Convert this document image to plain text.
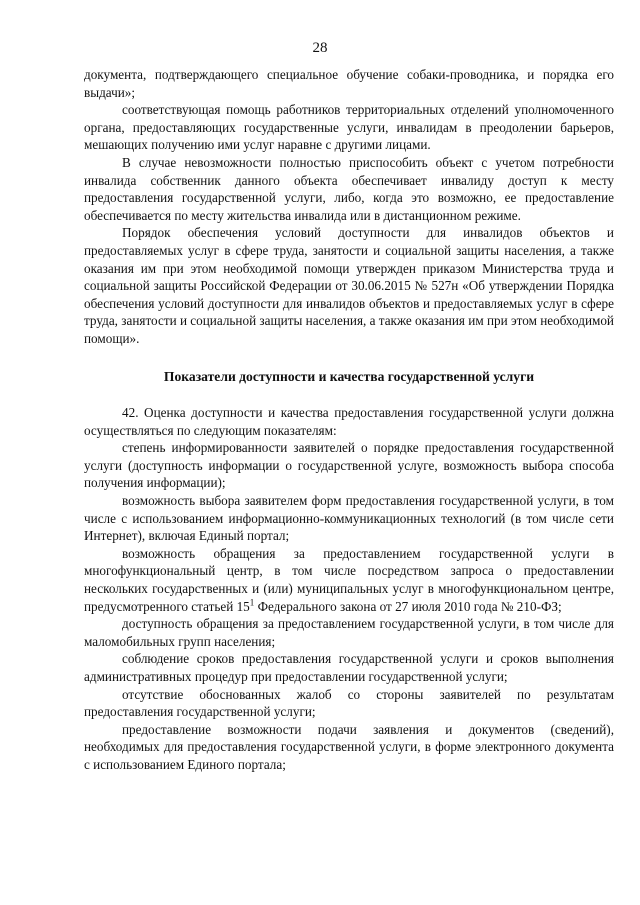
28

документа, подтверждающего специальное обучение собаки-проводника, и порядка его выдачи»;

соответствующая помощь работников территориальных отделений уполномоченного органа, предоставляющих государственные услуги, инвалидам в преодолении барьеров, мешающих получению ими услуг наравне с другими лицами.

В случае невозможности полностью приспособить объект с учетом потребности инвалида собственник данного объекта обеспечивает инвалиду доступ к месту предоставления государственной услуги, либо, когда это возможно, ее предоставление обеспечивается по месту жительства инвалида или в дистанционном режиме.

Порядок обеспечения условий доступности для инвалидов объектов и предоставляемых услуг в сфере труда, занятости и социальной защиты населения, а также оказания им при этом необходимой помощи утвержден приказом Министерства труда и социальной защиты Российской Федерации от 30.06.2015 № 527н «Об утверждении Порядка обеспечения условий доступности для инвалидов объектов и предоставляемых услуг в сфере труда, занятости и социальной защиты населения, а также оказания им при этом необходимой помощи».

Показатели доступности и качества государственной услуги

42. Оценка доступности и качества предоставления государственной услуги должна осуществляться по следующим показателям:

степень информированности заявителей о порядке предоставления государственной услуги (доступность информации о государственной услуге, возможность выбора способа получения информации);

возможность выбора заявителем форм предоставления государственной услуги, в том числе с использованием информационно-коммуникационных технологий (в том числе сети Интернет), включая Единый портал;

возможность обращения за предоставлением государственной услуги в многофункциональный центр, в том числе посредством запроса о предоставлении нескольких государственных и (или) муниципальных услуг в многофункциональном центре, предусмотренного статьей $15^1$ Федерального закона от 27 июля 2010 года № 210-ФЗ;

доступность обращения за предоставлением государственной услуги, в том числе для маломобильных групп населения;

соблюдение сроков предоставления государственной услуги и сроков выполнения административных процедур при предоставлении государственной услуги;

отсутствие обоснованных жалоб со стороны заявителей по результатам предоставления государственной услуги;

предоставление возможности подачи заявления и документов (сведений), необходимых для предоставления государственной услуги, в форме электронного документа с использованием Единого портала;
